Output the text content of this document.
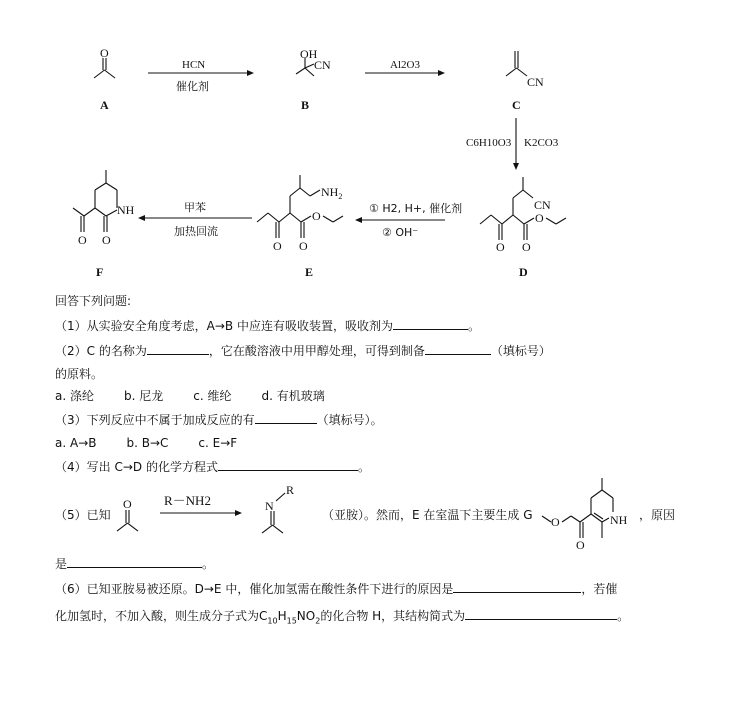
O
A
OH
CN
B
CN
C
CN
O O
O
D
$NH_2$
O O
O
E
NH
O O
F
HCN
催化剂
Al2O3
C6H10O3 K2CO3
① H2, H+, 催化剂
② OH⁻
甲苯
加热回流
O R－NH2	N
R
O
O
NH
回答下列问题:
（1）从实验安全角度考虑，A→B 中应连有吸收装置，吸收剂为	。
（2）C 的名称为	，它在酸溶液中用甲醇处理，可得到制备	（填标号）
的原料。
a. 涤纶	b. 尼龙	c. 维纶	d. 有机玻璃
（3）下列反应中不属于加成反应的有	（填标号）。
a. A→B	b. B→C	c. E→F
（4）写出 C→D 的化学方程式	。
（5）已知	（亚胺）。然而，E 在室温下主要生成 G	，原因
是	。
（6）已知亚胺易被还原。D→E 中，催化加氢需在酸性条件下进行的原因是	，若催
化加氢时，不加入酸，则生成分子式为$C_{10}H_{15}NO_2$的化合物 H，其结构简式为	。
